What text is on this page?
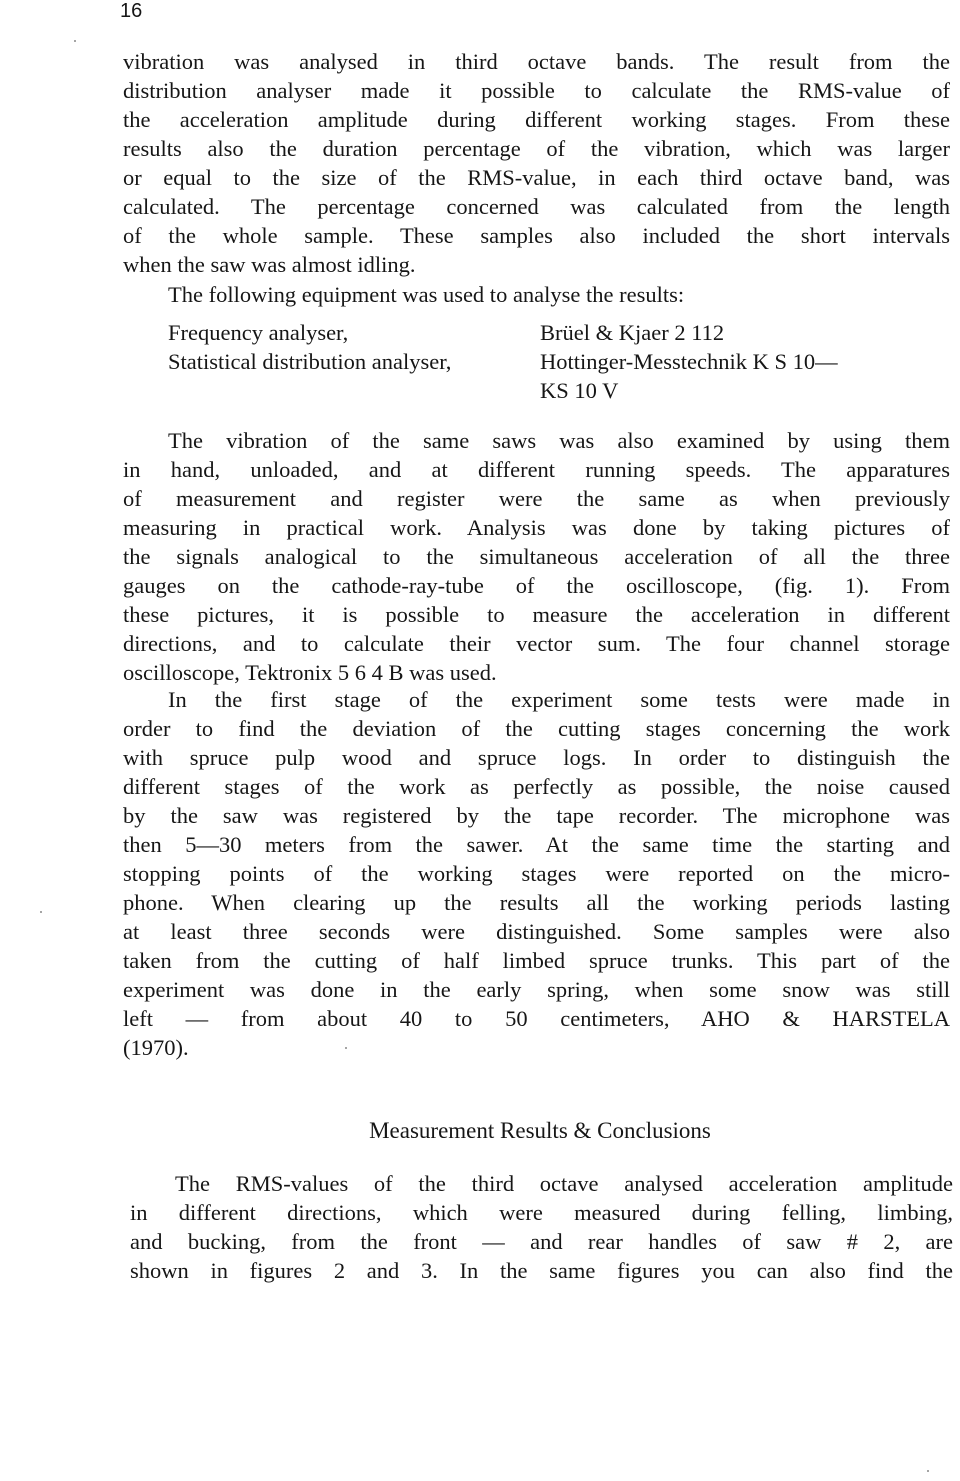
16
vibration was analysed in third octave bands. The result from the
distribution analyser made it possible to calculate the RMS-value of
the acceleration amplitude during different working stages. From these
results also the duration percentage of the vibration, which was larger
or equal to the size of the RMS-value, in each third octave band, was
calculated. The percentage concerned was calculated from the length
of the whole sample. These samples also included the short intervals
when the saw was almost idling.
The following equipment was used to analyse the results:
Frequency analyser,	Brüel & Kjaer 2 112
Statistical distribution analyser,	Hottinger-Messtechnik K S 10—
KS 10 V
The vibration of the same saws was also examined by using them
in hand, unloaded, and at different running speeds. The apparatures
of measurement and register were the same as when previously
measuring in practical work. Analysis was done by taking pictures of
the signals analogical to the simultaneous acceleration of all the three
gauges on the cathode-ray-tube of the oscilloscope, (fig. 1). From
these pictures, it is possible to measure the acceleration in different
directions, and to calculate their vector sum. The four channel storage
oscilloscope, Tektronix 5 6 4 B was used.
In the first stage of the experiment some tests were made in
order to find the deviation of the cutting stages concerning the work
with spruce pulp wood and spruce logs. In order to distinguish the
different stages of the work as perfectly as possible, the noise caused
by the saw was registered by the tape recorder. The microphone was
then 5—30 meters from the sawer. At the same time the starting and
stopping points of the working stages were reported on the micro-
phone. When clearing up the results all the working periods lasting
at least three seconds were distinguished. Some samples were also
taken from the cutting of half limbed spruce trunks. This part of the
experiment was done in the early spring, when some snow was still
left — from about 40 to 50 centimeters, AHO & HARSTELA
(1970).
Measurement Results & Conclusions
The RMS-values of the third octave analysed acceleration amplitude
in different directions, which were measured during felling, limbing,
and bucking, from the front — and rear handles of saw # 2, are
shown in figures 2 and 3. In the same figures you can also find the
